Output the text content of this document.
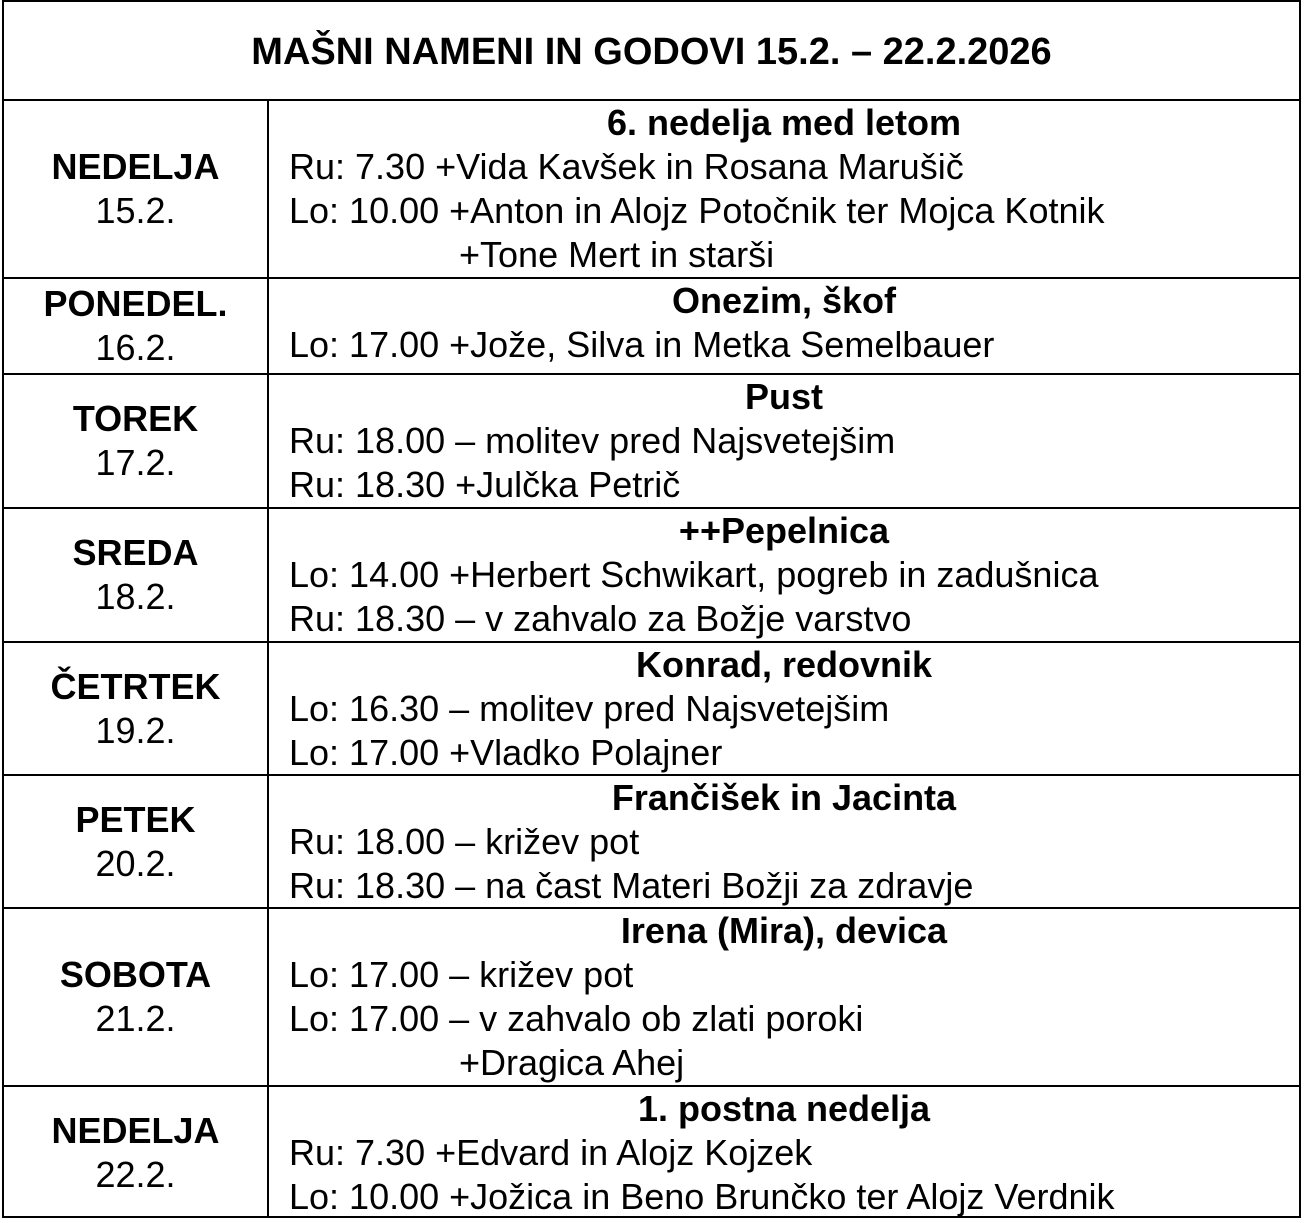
MAŠNI NAMENI IN GODOVI 15.2. – 22.2.2026
NEDELJA
15.2.
6. nedelja med letom
Ru: 7.30 +Vida Kavšek in Rosana Marušič
Lo: 10.00 +Anton in Alojz Potočnik ter Mojca Kotnik
+Tone Mert in starši
PONEDEL.
16.2.
Onezim, škof
Lo: 17.00 +Jože, Silva in Metka Semelbauer
TOREK
17.2.
Pust
Ru: 18.00 – molitev pred Najsvetejšim
Ru: 18.30 +Julčka Petrič
SREDA
18.2.
++Pepelnica
Lo: 14.00 +Herbert Schwikart, pogreb in zadušnica
Ru: 18.30 – v zahvalo za Božje varstvo
ČETRTEK
19.2.
Konrad, redovnik
Lo: 16.30 – molitev pred Najsvetejšim
Lo: 17.00 +Vladko Polajner
PETEK
20.2.
Frančišek in Jacinta
Ru: 18.00 – križev pot
Ru: 18.30 – na čast Materi Božji za zdravje
SOBOTA
21.2.
Irena (Mira), devica
Lo: 17.00 – križev pot
Lo: 17.00 – v zahvalo ob zlati poroki
+Dragica Ahej
NEDELJA
22.2.
1. postna nedelja
Ru: 7.30 +Edvard in Alojz Kojzek
Lo: 10.00 +Jožica in Beno Brunčko ter Alojz Verdnik
